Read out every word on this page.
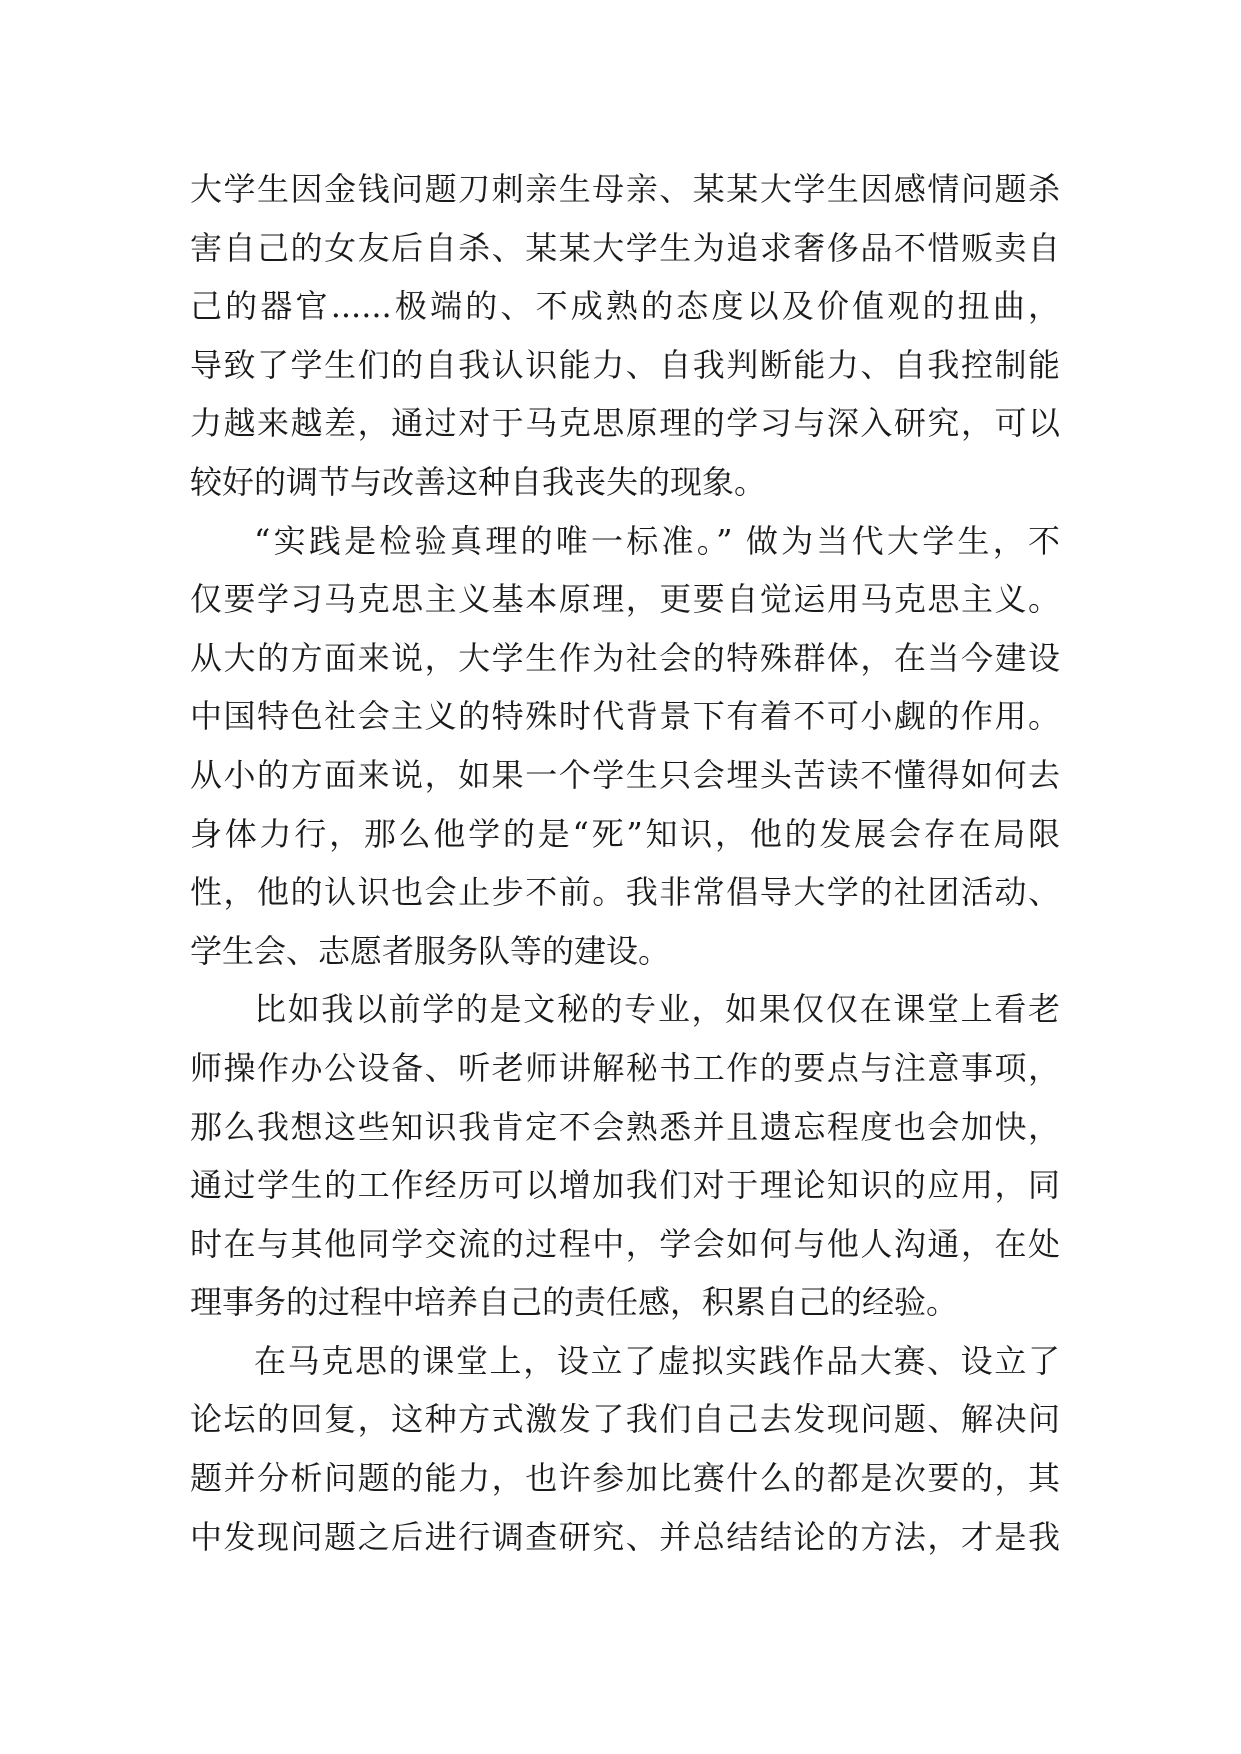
大学生因金钱问题刀刺亲生母亲、某某大学生因感情问题杀
害自己的女友后自杀、某某大学生为追求奢侈品不惜贩卖自
己的器官......极端的、不成熟的态度以及价值观的扭曲，
导致了学生们的自我认识能力、自我判断能力、自我控制能
力越来越差，通过对于马克思原理的学习与深入研究，可以
较好的调节与改善这种自我丧失的现象。
“实践是检验真理的唯一标准。” 做为当代大学生，不
仅要学习马克思主义基本原理，更要自觉运用马克思主义。
从大的方面来说，大学生作为社会的特殊群体，在当今建设
中国特色社会主义的特殊时代背景下有着不可小觑的作用。
从小的方面来说，如果一个学生只会埋头苦读不懂得如何去
身体力行，那么他学的是“死”知识，他的发展会存在局限
性，他的认识也会止步不前。我非常倡导大学的社团活动、
学生会、志愿者服务队等的建设。
比如我以前学的是文秘的专业，如果仅仅在课堂上看老
师操作办公设备、听老师讲解秘书工作的要点与注意事项，
那么我想这些知识我肯定不会熟悉并且遗忘程度也会加快，
通过学生的工作经历可以增加我们对于理论知识的应用，同
时在与其他同学交流的过程中，学会如何与他人沟通，在处
理事务的过程中培养自己的责任感，积累自己的经验。
在马克思的课堂上，设立了虚拟实践作品大赛、设立了
论坛的回复，这种方式激发了我们自己去发现问题、解决问
题并分析问题的能力，也许参加比赛什么的都是次要的，其
中发现问题之后进行调查研究、并总结结论的方法，才是我
